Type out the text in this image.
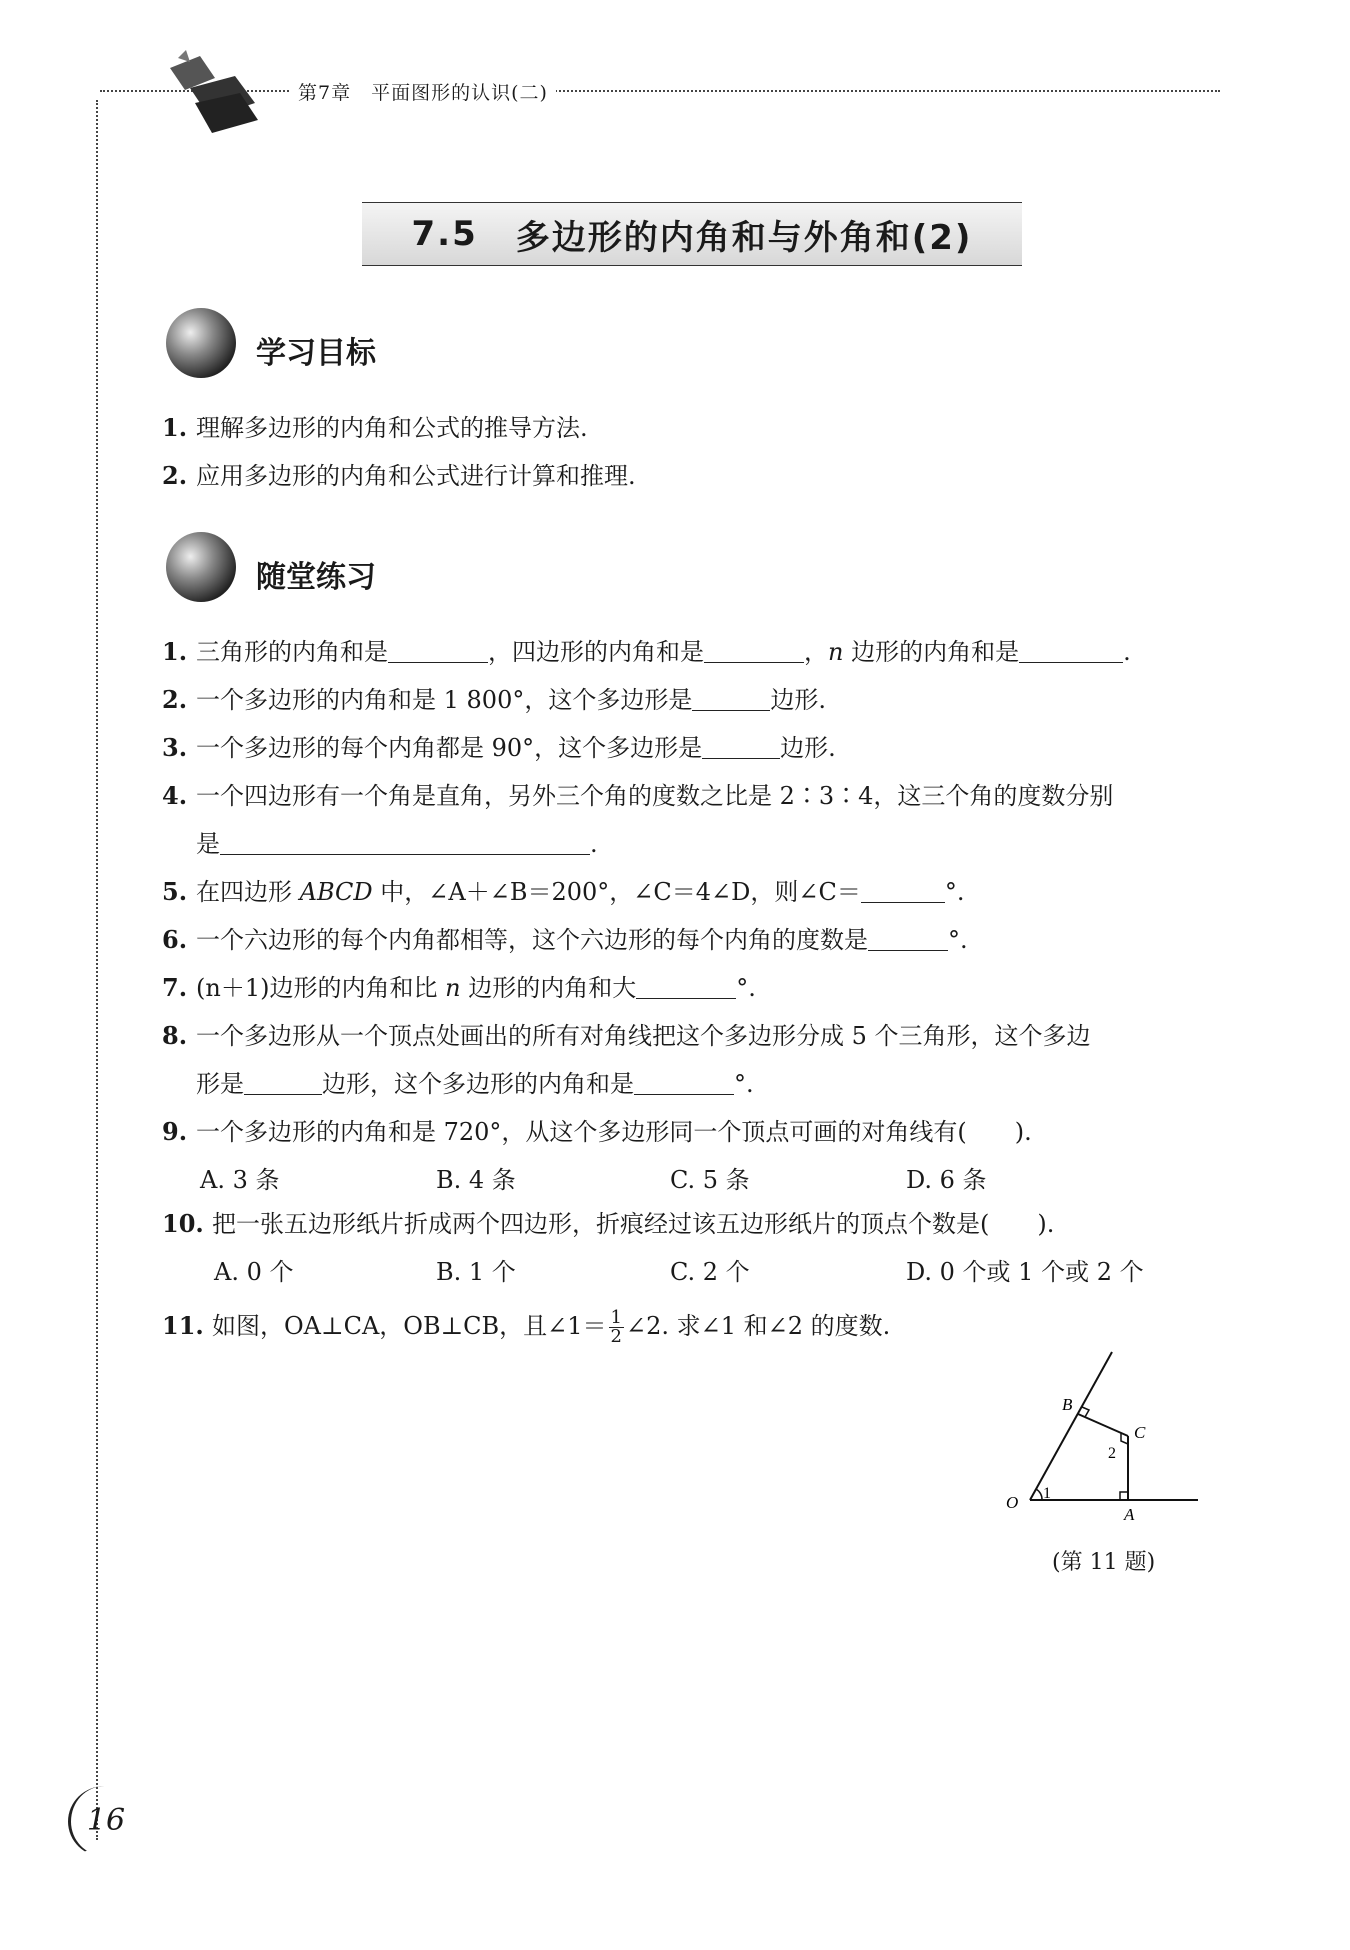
第7章　平面图形的认识(二)
7.5 多边形的内角和与外角和(2)
学习目标
1. 理解多边形的内角和公式的推导方法.
2. 应用多边形的内角和公式进行计算和推理.
随堂练习
1. 三角形的内角和是	，四边形的内角和是	，n 边形的内角和是	.
2. 一个多边形的内角和是 1 800°，这个多边形是	边形.
3. 一个多边形的每个内角都是 90°，这个多边形是	边形.
4. 一个四边形有一个角是直角，另外三个角的度数之比是 2∶3∶4，这三个角的度数分别
是	.
5. 在四边形 ABCD 中，∠A＋∠B＝200°，∠C＝4∠D，则∠C＝	°.
6. 一个六边形的每个内角都相等，这个六边形的每个内角的度数是	°.
7. (n＋1)边形的内角和比 n 边形的内角和大	°.
8. 一个多边形从一个顶点处画出的所有对角线把这个多边形分成 5 个三角形，这个多边
形是	边形，这个多边形的内角和是	°.
9. 一个多边形的内角和是 720°，从这个多边形同一个顶点可画的对角线有(　　).
A. 3 条	B. 4 条	C. 5 条	D. 6 条
10. 把一张五边形纸片折成两个四边形，折痕经过该五边形纸片的顶点个数是(　　).
A. 0 个	B. 1 个	C. 2 个	D. 0 个或 1 个或 2 个
11. 如图，OA⊥CA，OB⊥CB，且∠1＝ $\frac{1}{2}$ ∠2. 求∠1 和∠2 的度数.
O
A
B
C
1
2
(第 11 题)
16
